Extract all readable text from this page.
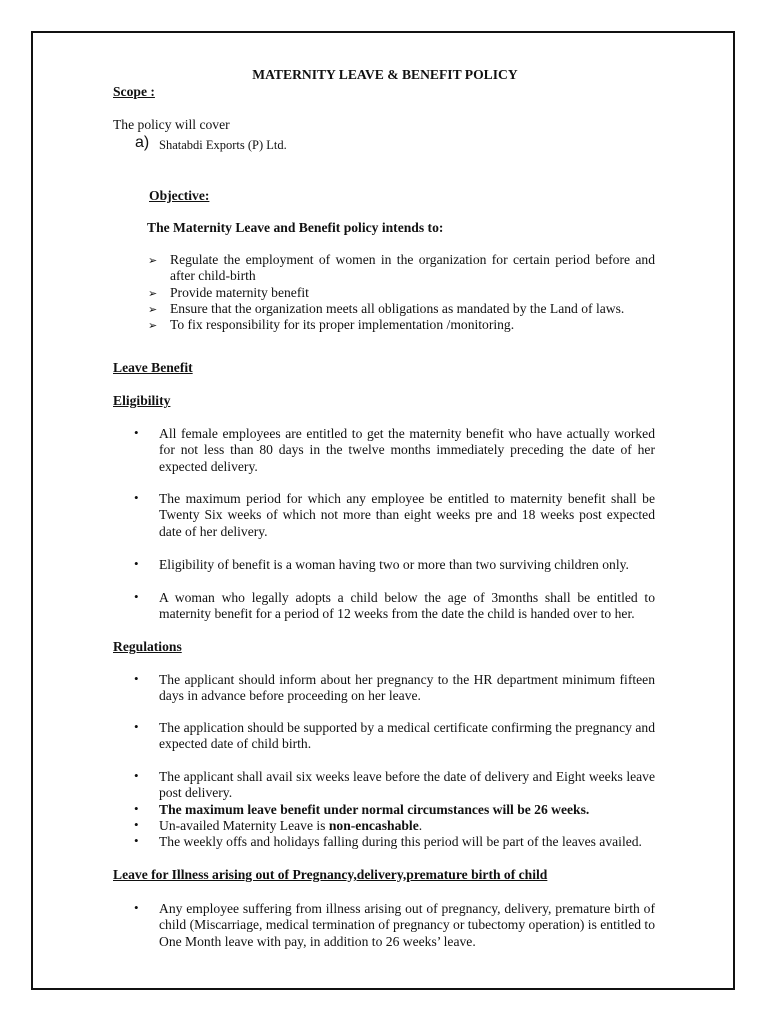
MATERNITY LEAVE & BENEFIT POLICY
Scope :
The policy will cover
a) Shatabdi Exports (P) Ltd.
Objective:
The Maternity Leave and Benefit policy intends to:
➢ Regulate the employment of women in the organization for certain period before and after child-birth
➢ Provide maternity benefit
➢ Ensure that the organization meets all obligations as mandated by the Land of laws.
➢ To fix responsibility for its proper implementation /monitoring.
Leave Benefit
Eligibility
• All female employees are entitled to get the maternity benefit who have actually worked for not less than 80 days in the twelve months immediately preceding the date of her expected delivery.
• The maximum period for which any employee be entitled to maternity benefit shall be Twenty Six weeks of which not more than eight weeks pre and 18 weeks post expected date of her delivery.
• Eligibility of benefit is a woman having two or more than two surviving children only.
• A woman who legally adopts a child below the age of 3months shall be entitled to maternity benefit for a period of 12 weeks from the date the child is handed over to her.
Regulations
• The applicant should inform about her pregnancy to the HR department minimum fifteen days in advance before proceeding on her leave.
• The application should be supported by a medical certificate confirming the pregnancy and expected date of child birth.
• The applicant shall avail six weeks leave before the date of delivery and Eight weeks leave post delivery.
• The maximum leave benefit under normal circumstances will be 26 weeks.
• Un-availed Maternity Leave is non-encashable.
• The weekly offs and holidays falling during this period will be part of the leaves availed.
Leave for Illness arising out of Pregnancy,delivery,premature birth of child
• Any employee suffering from illness arising out of pregnancy, delivery, premature birth of child (Miscarriage, medical termination of pregnancy or tubectomy operation) is entitled to One Month leave with pay, in addition to 26 weeks’ leave.
